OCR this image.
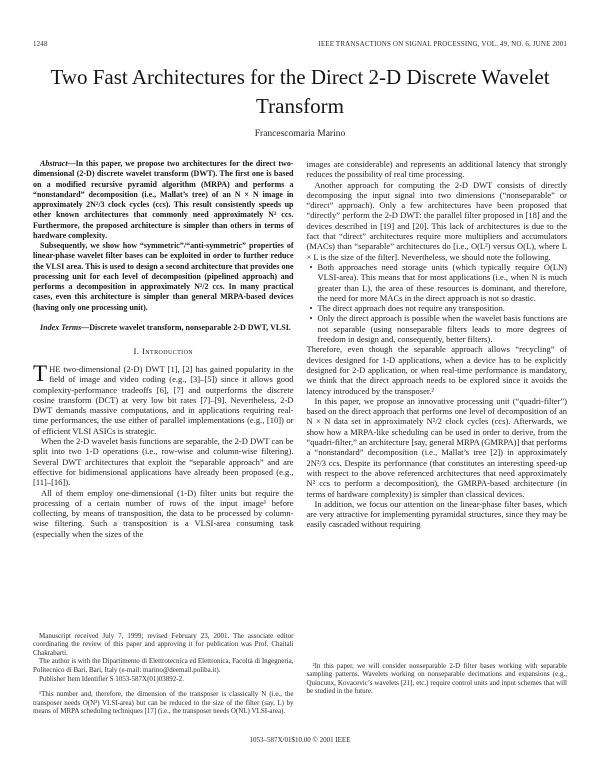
1248	IEEE TRANSACTIONS ON SIGNAL PROCESSING, VOL. 49, NO. 6, JUNE 2001
Two Fast Architectures for the Direct 2-D Discrete Wavelet Transform
Francescomaria Marino

Abstract—In this paper, we propose two architectures for the direct two-dimensional (2-D) discrete wavelet transform (DWT). The first one is based on a modified recursive pyramid algorithm (MRPA) and performs a “nonstandard” decomposition (i.e., Mallat’s tree) of an N × N image in approximately 2N²/3 clock cycles (ccs). This result consistently speeds up other known architectures that commonly need approximately N² ccs. Furthermore, the proposed architecture is simpler than others in terms of hardware complexity.

Subsequently, we show how “symmetric”/“anti-symmetric” properties of linear-phase wavelet filter bases can be exploited in order to further reduce the VLSI area. This is used to design a second architecture that provides one processing unit for each level of decomposition (pipelined approach) and performs a decomposition in approximately N²/2 ccs. In many practical cases, even this architecture is simpler than general MRPA-based devices (having only one processing unit).

Index Terms—Discrete wavelet transform, nonseparable 2-D DWT, VLSI.

I. Introduction

THE two-dimensional (2-D) DWT [1], [2] has gained popularity in the field of image and video coding (e.g., [3]–[5]) since it allows good complexity-performance tradeoffs [6], [7] and outperforms the discrete cosine transform (DCT) at very low bit rates [7]–[9]. Nevertheless, 2-D DWT demands massive computations, and in applications requiring real-time performances, the use either of parallel implementations (e.g., [10]) or of efficient VLSI ASICs is strategic.

When the 2-D wavelet basis functions are separable, the 2-D DWT can be split into two 1-D operations (i.e., row-wise and column-wise filtering). Several DWT architectures that exploit the “separable approach” and are effective for bidimensional applications have already been proposed (e.g., [11]–[16]).

All of them employ one-dimensional (1-D) filter units but require the processing of a certain number of rows of the input image¹ before collecting, by means of transposition, the data to be processed by column-wise filtering. Such a transposition is a VLSI-area consuming task (especially when the sizes of the

Manuscript received July 7, 1999; revised February 23, 2001. The associate editor coordinating the review of this paper and approving it for publication was Prof. Chaitali Chakrabarti.

The author is with the Dipartimento di Elettrotecnica ed Elettronica, Facoltà di Ingegneria, Politecnico di Bari, Bari, Italy (e-mail: marino@deemail.poliba.it).

Publisher Item Identifier S 1053-587X(01)03892-2.

¹This number and, therefore, the dimension of the transposer is classically N (i.e., the transposer needs O(N²) VLSI-area) but can be reduced to the size of the filter (say, L) by means of MRPA scheduling techniques [17] (i.e., the transposer needs O(NL) VLSI-area).

images are considerable) and represents an additional latency that strongly reduces the possibility of real time processing.

Another approach for computing the 2-D DWT consists of directly decomposing the input signal into two dimensions (“nonseparable” or “direct” approach). Only a few architectures have been proposed that “directly” perform the 2-D DWT: the parallel filter proposed in [18] and the devices described in [19] and [20]. This lack of architectures is due to the fact that “direct” architectures require more multipliers and accumulators (MACs) than “separable” architectures do [i.e., O(L²) versus O(L), where L × L is the size of the filter]. Nevertheless, we should note the following.

• Both approaches need storage units (which typically require O(LN) VLSI-area). This means that for most applications (i.e., when N is much greater than L), the area of these resources is dominant, and therefore, the need for more MACs in the direct approach is not so drastic.
• The direct approach does not require any transposition.
• Only the direct approach is possible when the wavelet basis functions are not separable (using nonseparable filters leads to more degrees of freedom in design and, consequently, better filters).

Therefore, even though the separable approach allows “recycling” of devices designed for 1-D applications, when a device has to be explicitly designed for 2-D application, or when real-time performance is mandatory, we think that the direct approach needs to be explored since it avoids the latency introduced by the transposer.²

In this paper, we propose an innovative processing unit (“quadri-filter”) based on the direct approach that performs one level of decomposition of an N × N data set in approximately N²/2 clock cycles (ccs). Afterwards, we show how a MRPA-like scheduling can be used in order to derive, from the “quadri-filter,” an architecture [say, general MRPA (GMRPA)] that performs a “nonstandard” decomposition (i.e., Mallat’s tree [2]) in approximately 2N²/3 ccs. Despite its performance (that constitutes an interesting speed-up with respect to the above referenced architectures that need approximately N² ccs to perform a decomposition), the GMRPA-based architecture (in terms of hardware complexity) is simpler than classical devices.

In addition, we focus our attention on the linear-phase filter bases, which are very attractive for implementing pyramidal structures, since they may be easily cascaded without requiring

²In this paper, we will consider nonseparable 2-D filter bases working with separable sampling patterns. Wavelets working on nonseparable decimations and expansions (e.g., Quincunx, Kovacevic’s wavelets [21], etc.) require control units and input schemes that will be studied in the future.

1053–587X/01$10.00 © 2001 IEEE
